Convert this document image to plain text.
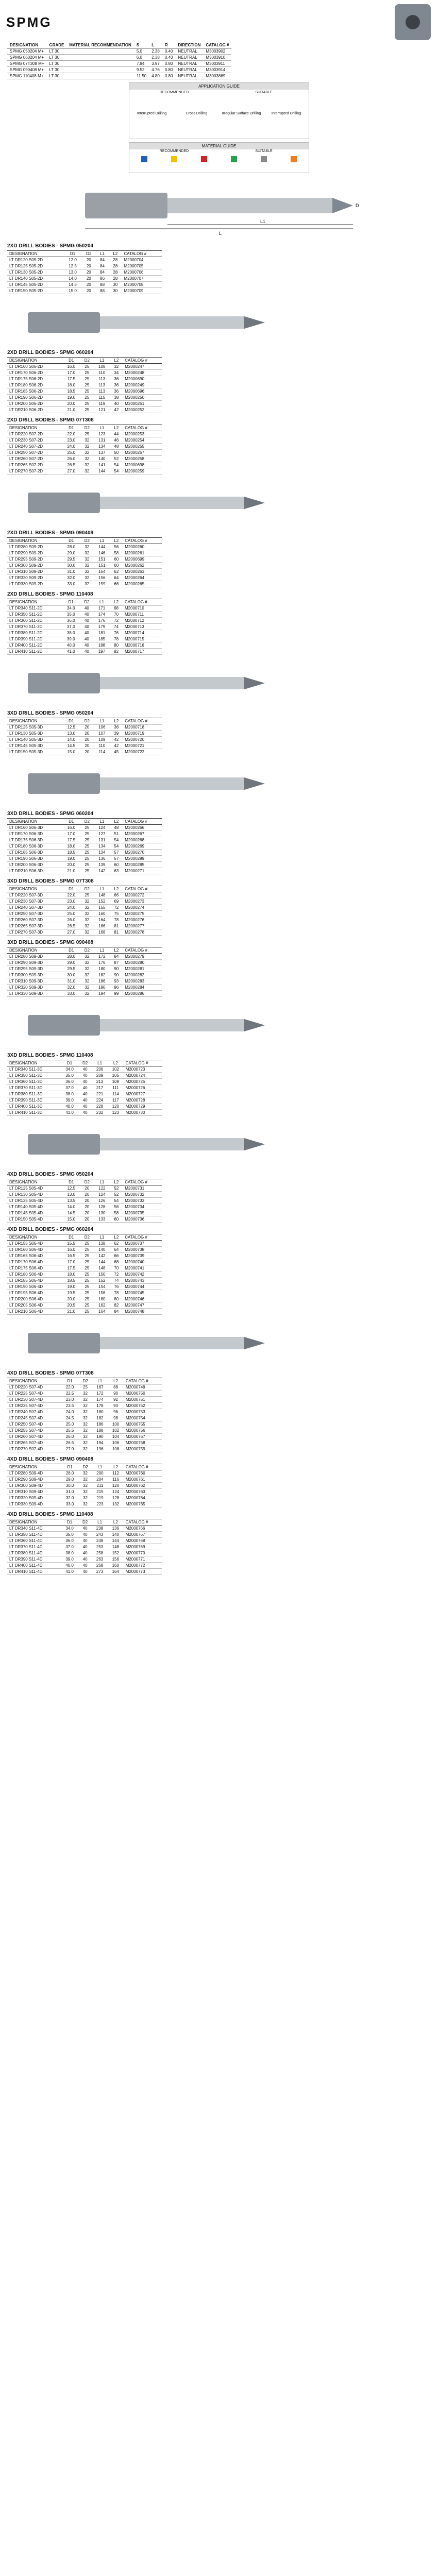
SPMG
DESIGNATION	GRADE	MATERIAL RECOMMENDATION	S	L	R	DIRECTION	CATALOG #
SPMG 050204 M+	LT 30		5.0	2.38	0.40	NEUTRAL	M3003902
SPMG 060204 M+	LT 30		6.0	2.38	0.40	NEUTRAL	M3003910
SPMG 07T308 M+	LT 30		7.94	3.97	0.80	NEUTRAL	M3003911
SPMG 090408 M+	LT 30		9.52	4.76	0.80	NEUTRAL	M3003914
SPMG 110408 M+	LT 30		11.50	4.80	0.80	NEUTRAL	M3003869
APPLICATION GUIDE
RECOMMENDED	SUITABLE
Interrupted Drilling	Cross Drilling	Irregular Surface Drilling	Interrupted Drilling
MATERIAL GUIDE
RECOMMENDED	SUITABLE
L1
L
D
2XD DRILL BODIES - SPMG 050204
DESIGNATION	D1	D2	L1	L2	CATALOG #
LT DR120 S05-2D	12.0	20	84	28	M2000704
LT DR125 S05-2D	12.5	20	84	28	M2000705
LT DR130 S05-2D	13.0	20	84	28	M2000706
LT DR140 S05-2D	14.0	20	86	28	M2000707
LT DR145 S05-2D	14.5	20	88	30	M2000708
LT DR150 S05-2D	15.0	20	88	30	M2000709
2XD DRILL BODIES - SPMG 060204
DESIGNATION	D1	D2	L1	L2	CATALOG #
LT DR160 S06-2D	16.0	25	108	32	M2000247
LT DR170 S06-2D	17.0	25	110	34	M2000248
LT DR175 S06-2D	17.5	25	113	36	M2000690
LT DR180 S06-2D	18.0	25	113	36	M2000249
LT DR185 S06-2D	18.5	25	113	36	M2000696
LT DR190 S06-2D	19.0	25	115	38	M2000250
LT DR200 S06-2D	20.0	25	119	40	M2000251
LT DR210 S06-2D	21.0	25	121	42	M2000252
2XD DRILL BODIES - SPMG 07T308
DESIGNATION	D1	D2	L1	L2	CATALOG #
LT DR220 S07-2D	22.0	25	123	44	M2000253
LT DR230 S07-2D	23.0	32	131	46	M2000254
LT DR240 S07-2D	24.0	32	134	48	M2000255
LT DR250 S07-2D	25.0	32	137	50	M2000257
LT DR260 S07-2D	26.0	32	140	52	M2000258
LT DR265 S07-2D	26.5	32	141	54	M2000698
LT DR270 S07-2D	27.0	32	144	54	M2000259
2XD DRILL BODIES - SPMG 090408
DESIGNATION	D1	D2	L1	L2	CATALOG #
LT DR280 S09-2D	28.0	32	144	56	M2000260
LT DR290 S09-2D	29.0	32	146	58	M2000261
LT DR295 S09-2D	29.5	32	151	60	M2000699
LT DR300 S09-2D	30.0	32	151	60	M2000262
LT DR310 S09-2D	31.0	32	154	62	M2000263
LT DR320 S09-2D	32.0	32	156	64	M2000264
LT DR330 S09-2D	33.0	32	159	66	M2000265
2XD DRILL BODIES - SPMG 110408
DESIGNATION	D1	D2	L1	L2	CATALOG #
LT DR340 S11-2D	34.0	40	171	68	M2000710
LT DR350 S11-2D	35.0	40	174	70	M2000711
LT DR360 S11-2D	36.0	40	176	72	M2000712
LT DR370 S11-2D	37.0	40	179	74	M2000713
LT DR380 S11-2D	38.0	40	181	76	M2000714
LT DR390 S11-2D	39.0	40	185	78	M2000715
LT DR400 S11-2D	40.0	40	188	80	M2000716
LT DR410 S11-2D	41.0	40	197	82	M2000717
3XD DRILL BODIES - SPMG 050204
DESIGNATION	D1	D2	L1	L2	CATALOG #
LT DR125 S05-3D	12.5	20	106	36	M2000718
LT DR130 S05-3D	13.0	20	107	39	M2000719
LT DR140 S05-3D	14.0	20	109	42	M2000720
LT DR145 S05-3D	14.5	20	110	42	M2000721
LT DR150 S05-3D	15.0	20	114	45	M2000722
3XD DRILL BODIES - SPMG 060204
DESIGNATION	D1	D2	L1	L2	CATALOG #
LT DR160 S06-3D	16.0	25	124	48	M2000266
LT DR170 S06-3D	17.0	25	127	51	M2000267
LT DR175 S06-3D	17.5	25	131	54	M2000268
LT DR180 S06-3D	18.0	25	134	54	M2000269
LT DR185 S06-3D	18.5	25	134	57	M2000270
LT DR190 S06-3D	19.0	25	136	57	M2000289
LT DR200 S06-3D	20.0	25	139	60	M2000285
LT DR210 S06-3D	21.0	25	142	63	M2000271
3XD DRILL BODIES - SPMG 07T308
DESIGNATION	D1	D2	L1	L2	CATALOG #
LT DR220 S07-3D	22.0	25	148	66	M2000272
LT DR230 S07-3D	23.0	32	152	69	M2000273
LT DR240 S07-3D	24.0	32	155	72	M2000274
LT DR250 S07-3D	25.0	32	160	75	M2000275
LT DR260 S07-3D	26.0	32	164	78	M2000276
LT DR265 S07-3D	26.5	32	166	81	M2000277
LT DR270 S07-3D	27.0	32	168	81	M2000278
3XD DRILL BODIES - SPMG 090408
DESIGNATION	D1	D2	L1	L2	CATALOG #
LT DR280 S09-3D	28.0	32	172	84	M2000279
LT DR290 S09-3D	29.0	32	176	87	M2000280
LT DR295 S09-3D	29.5	32	180	90	M2000281
LT DR300 S09-3D	30.0	32	182	90	M2000282
LT DR310 S09-3D	31.0	32	186	93	M2000283
LT DR320 S09-3D	32.0	32	190	96	M2000284
LT DR330 S09-3D	33.0	32	194	99	M2000286
3XD DRILL BODIES - SPMG 110408
DESIGNATION	D1	D2	L1	L2	CATALOG #
LT DR340 S11-3D	34.0	40	206	102	M2000723
LT DR350 S11-3D	35.0	40	209	105	M2000724
LT DR360 S11-3D	36.0	40	213	108	M2000725
LT DR370 S11-3D	37.0	40	217	111	M2000726
LT DR380 S11-3D	38.0	40	221	114	M2000727
LT DR390 S11-3D	39.0	40	224	117	M2000728
LT DR400 S11-3D	40.0	40	228	120	M2000729
LT DR410 S11-3D	41.0	40	232	123	M2000730
4XD DRILL BODIES - SPMG 050204
DESIGNATION	D1	D2	L1	L2	CATALOG #
LT DR125 S05-4D	12.5	20	122	52	M2000731
LT DR130 S05-4D	13.0	20	124	52	M2000732
LT DR135 S05-4D	13.5	20	126	54	M2000733
LT DR140 S05-4D	14.0	20	128	56	M2000734
LT DR145 S05-4D	14.5	20	130	58	M2000735
LT DR150 S05-4D	15.0	20	133	60	M2000736
4XD DRILL BODIES - SPMG 060204
DESIGNATION	D1	D2	L1	L2	CATALOG #
LT DR155 S06-4D	15.5	25	138	62	M2000737
LT DR160 S06-4D	16.0	25	140	64	M2000738
LT DR165 S06-4D	16.5	25	142	66	M2000739
LT DR170 S06-4D	17.0	25	144	68	M2000740
LT DR175 S06-4D	17.5	25	148	70	M2000741
LT DR180 S06-4D	18.0	25	150	72	M2000742
LT DR185 S06-4D	18.5	25	152	74	M2000743
LT DR190 S06-4D	19.0	25	154	76	M2000744
LT DR195 S06-4D	19.5	25	156	78	M2000745
LT DR200 S06-4D	20.0	25	160	80	M2000746
LT DR205 S06-4D	20.5	25	162	82	M2000747
LT DR210 S06-4D	21.0	25	164	84	M2000748
4XD DRILL BODIES - SPMG 07T308
DESIGNATION	D1	D2	L1	L2	CATALOG #
LT DR220 S07-4D	22.0	25	167	88	M2000749
LT DR225 S07-4D	22.5	32	172	90	M2000750
LT DR230 S07-4D	23.0	32	174	92	M2000751
LT DR235 S07-4D	23.5	32	178	94	M2000752
LT DR240 S07-4D	24.0	32	180	96	M2000753
LT DR245 S07-4D	24.5	32	182	98	M2000754
LT DR250 S07-4D	25.0	32	186	100	M2000755
LT DR255 S07-4D	25.5	32	188	102	M2000756
LT DR260 S07-4D	26.0	32	190	104	M2000757
LT DR265 S07-4D	26.5	32	194	106	M2000758
LT DR270 S07-4D	27.0	32	196	108	M2000759
4XD DRILL BODIES - SPMG 090408
DESIGNATION	D1	D2	L1	L2	CATALOG #
LT DR280 S09-4D	28.0	32	200	112	M2000760
LT DR290 S09-4D	29.0	32	204	116	M2000761
LT DR300 S09-4D	30.0	32	211	120	M2000762
LT DR310 S09-4D	31.0	32	215	124	M2000763
LT DR320 S09-4D	32.0	32	219	128	M2000764
LT DR330 S09-4D	33.0	32	223	132	M2000765
4XD DRILL BODIES - SPMG 110408
DESIGNATION	D1	D2	L1	L2	CATALOG #
LT DR340 S11-4D	34.0	40	238	136	M2000766
LT DR350 S11-4D	35.0	40	243	140	M2000767
LT DR360 S11-4D	36.0	40	248	144	M2000768
LT DR370 S11-4D	37.0	40	253	148	M2000769
LT DR380 S11-4D	38.0	40	258	152	M2000770
LT DR390 S11-4D	39.0	40	263	156	M2000771
LT DR400 S11-4D	40.0	40	268	160	M2000772
LT DR410 S11-4D	41.0	40	273	164	M2000773
